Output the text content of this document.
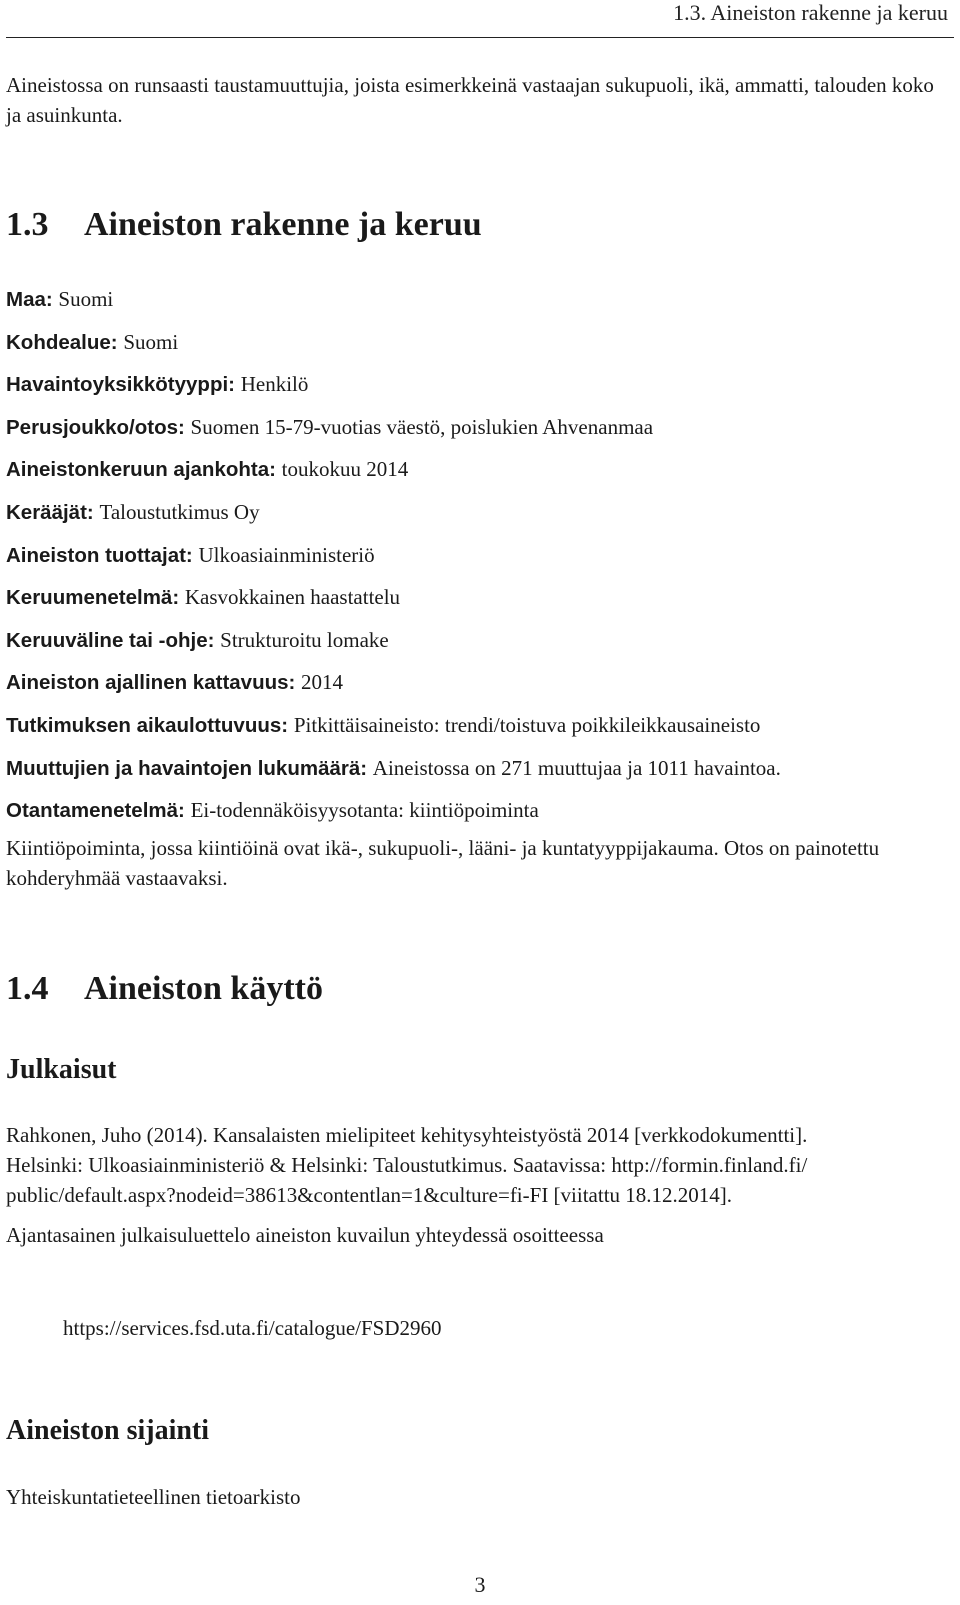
1.3. Aineiston rakenne ja keruu
Aineistossa on runsaasti taustamuuttujia, joista esimerkkeinä vastaajan sukupuoli, ikä, ammatti, talouden koko ja asuinkunta.
1.3 Aineiston rakenne ja keruu
Maa: Suomi
Kohdealue: Suomi
Havaintoyksikkötyyppi: Henkilö
Perusjoukko/otos: Suomen 15-79-vuotias väestö, poislukien Ahvenanmaa
Aineistonkeruun ajankohta: toukokuu 2014
Kerääjät: Taloustutkimus Oy
Aineiston tuottajat: Ulkoasiainministeriö
Keruumenetelmä: Kasvokkainen haastattelu
Keruuväline tai -ohje: Strukturoitu lomake
Aineiston ajallinen kattavuus: 2014
Tutkimuksen aikaulottuvuus: Pitkittäisaineisto: trendi/toistuva poikkileikkausaineisto
Muuttujien ja havaintojen lukumäärä: Aineistossa on 271 muuttujaa ja 1011 havaintoa.
Otantamenetelmä: Ei-todennäköisyysotanta: kiintiöpoiminta
Kiintiöpoiminta, jossa kiintiöinä ovat ikä-, sukupuoli-, lääni- ja kuntatyyppijakauma. Otos on painotettu kohderyhmää vastaavaksi.
1.4 Aineiston käyttö
Julkaisut
Rahkonen, Juho (2014). Kansalaisten mielipiteet kehitysyhteistyöstä 2014 [verkkodokumentti].
Helsinki: Ulkoasiainministeriö & Helsinki: Taloustutkimus. Saatavissa: http://formin.finland.fi/
public/default.aspx?nodeid=38613&contentlan=1&culture=fi-FI [viitattu 18.12.2014].
Ajantasainen julkaisuluettelo aineiston kuvailun yhteydessä osoitteessa
https://services.fsd.uta.fi/catalogue/FSD2960
Aineiston sijainti
Yhteiskuntatieteellinen tietoarkisto
3
